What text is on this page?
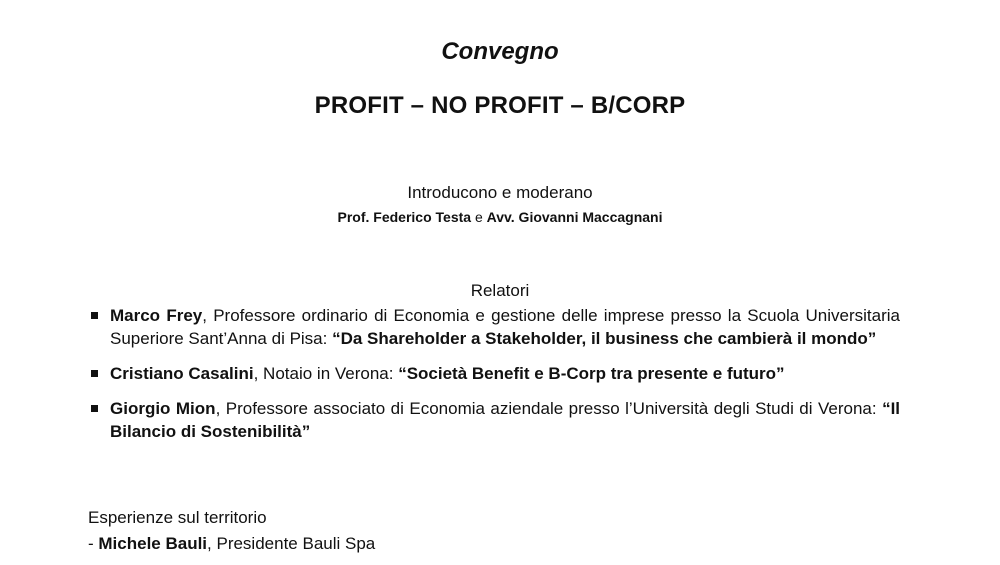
Convegno
PROFIT – NO PROFIT – B/CORP
Introducono e moderano
Prof. Federico Testa e Avv. Giovanni Maccagnani
Relatori
Marco Frey, Professore ordinario di Economia e gestione delle imprese presso la Scuola Universitaria Superiore Sant’Anna di Pisa: “Da Shareholder a Stakeholder, il business che cambierà il mondo”
Cristiano Casalini, Notaio in Verona: “Società Benefit e B-Corp tra presente e futuro”
Giorgio Mion, Professore associato di Economia aziendale presso l’Università degli Studi di Verona: “Il Bilancio di Sostenibilità”
Esperienze sul territorio
- Michele Bauli, Presidente Bauli Spa
